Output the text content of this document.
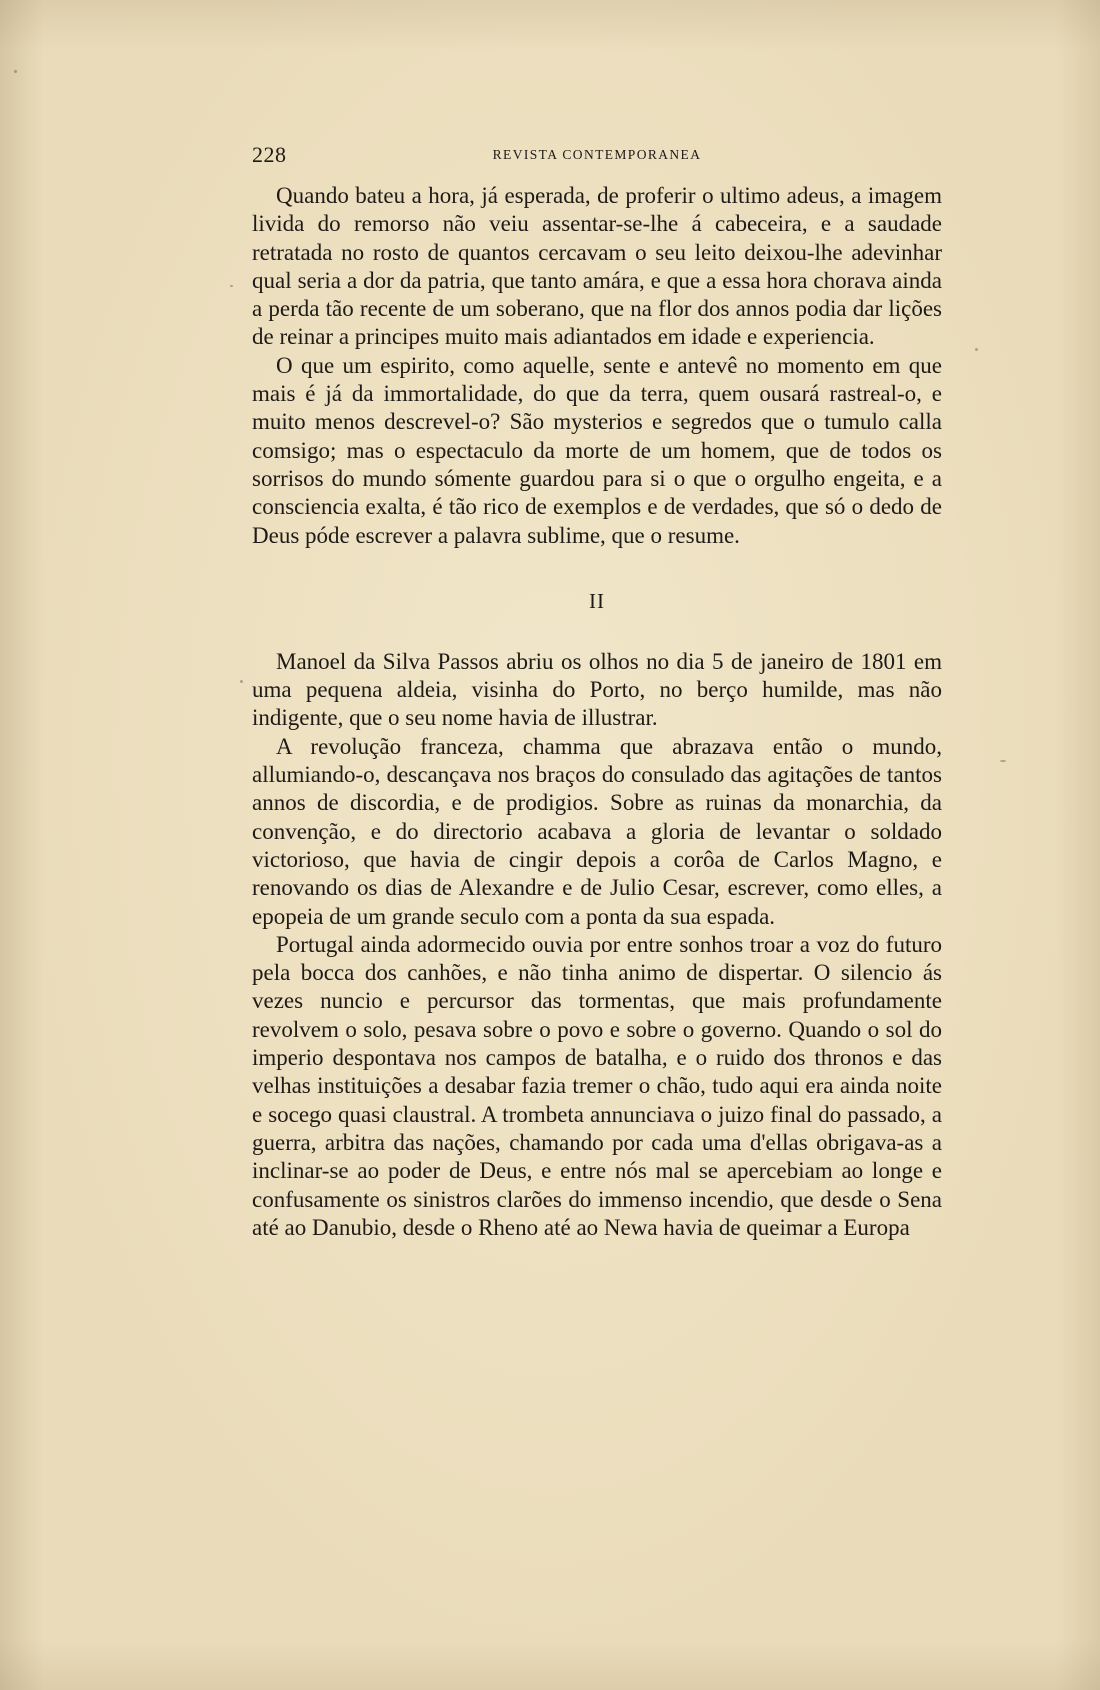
228	REVISTA CONTEMPORANEA

Quando bateu a hora, já esperada, de proferir o ultimo adeus, a imagem livida do remorso não veiu assentar-se-lhe á cabeceira, e a saudade retratada no rosto de quantos cercavam o seu leito deixou-lhe adevinhar qual seria a dor da patria, que tanto amára, e que a essa hora chorava ainda a perda tão recente de um soberano, que na flor dos annos podia dar lições de reinar a principes muito mais adiantados em idade e experiencia.

O que um espirito, como aquelle, sente e antevê no momento em que mais é já da immortalidade, do que da terra, quem ousará rastreal-o, e muito menos descrevel-o? São mysterios e segredos que o tumulo calla comsigo; mas o espectaculo da morte de um homem, que de todos os sorrisos do mundo sómente guardou para si o que o orgulho engeita, e a consciencia exalta, é tão rico de exemplos e de verdades, que só o dedo de Deus póde escrever a palavra sublime, que o resume.

II

Manoel da Silva Passos abriu os olhos no dia 5 de janeiro de 1801 em uma pequena aldeia, visinha do Porto, no berço humilde, mas não indigente, que o seu nome havia de illustrar.

A revolução franceza, chamma que abrazava então o mundo, allumiando-o, descançava nos braços do consulado das agitações de tantos annos de discordia, e de prodigios. Sobre as ruinas da monarchia, da convenção, e do directorio acabava a gloria de levantar o soldado victorioso, que havia de cingir depois a corôa de Carlos Magno, e renovando os dias de Alexandre e de Julio Cesar, escrever, como elles, a epopeia de um grande seculo com a ponta da sua espada.

Portugal ainda adormecido ouvia por entre sonhos troar a voz do futuro pela bocca dos canhões, e não tinha animo de dispertar. O silencio ás vezes nuncio e percursor das tormentas, que mais profundamente revolvem o solo, pesava sobre o povo e sobre o governo. Quando o sol do imperio despontava nos campos de batalha, e o ruido dos thronos e das velhas instituições a desabar fazia tremer o chão, tudo aqui era ainda noite e socego quasi claustral. A trombeta annunciava o juizo final do passado, a guerra, arbitra das nações, chamando por cada uma d'ellas obrigava-as a inclinar-se ao poder de Deus, e entre nós mal se apercebiam ao longe e confusamente os sinistros clarões do immenso incendio, que desde o Sena até ao Danubio, desde o Rheno até ao Newa havia de queimar a Europa
